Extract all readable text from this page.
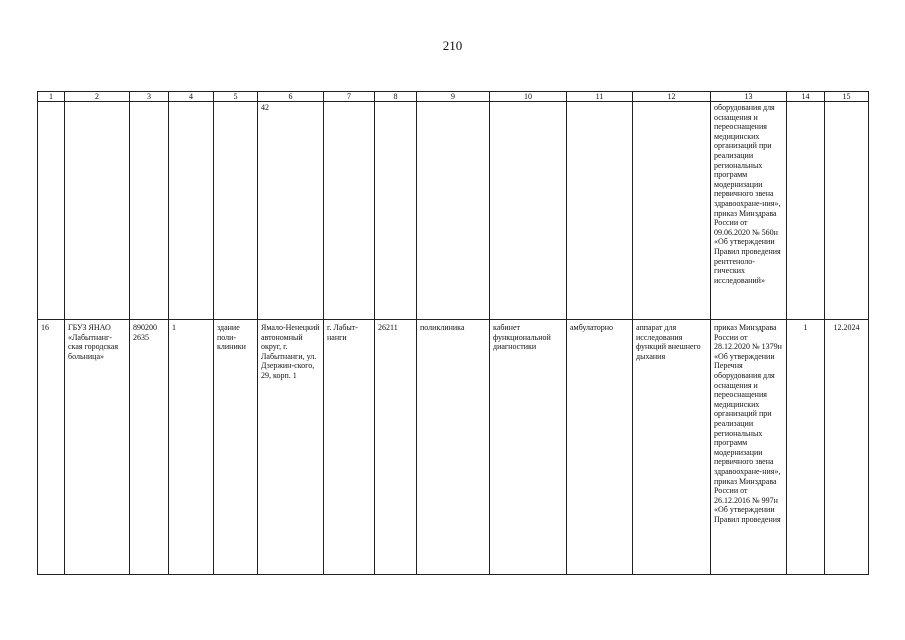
210
1	2	3	4	5	6	7	8	9	10	11	12	13	14	15
					42							оборудования для оснащения и переоснащения медицинских организаций при реализации региональных программ модернизации первичного звена здравоохране-ния», приказ Минздрава России от 09.06.2020 № 560н «Об утверждении Правил проведения рентгеноло-гических исследований»		
16	ГБУЗ ЯНАО «Лабытнанг-ская городская больница»	890200 2635	1	здание поли-клиники	Ямало-Ненецкий автономный округ, г. Лабытнанги, ул. Дзержин-ского, 29, корп. 1	г. Лабыт-нанги	26211	поликлиника	кабинет функциональной диагностики	амбулаторно	аппарат для исследования функций внешнего дыхания	приказ Минздрава России от 28.12.2020 № 1379н «Об утверждении Перечня оборудования для оснащения и переоснащения медицинских организаций при реализации региональных программ модернизации первичного звена здравоохране-ния», приказ Минздрава России от 26.12.2016 № 997н «Об утверждении Правил проведения	1	12.2024
